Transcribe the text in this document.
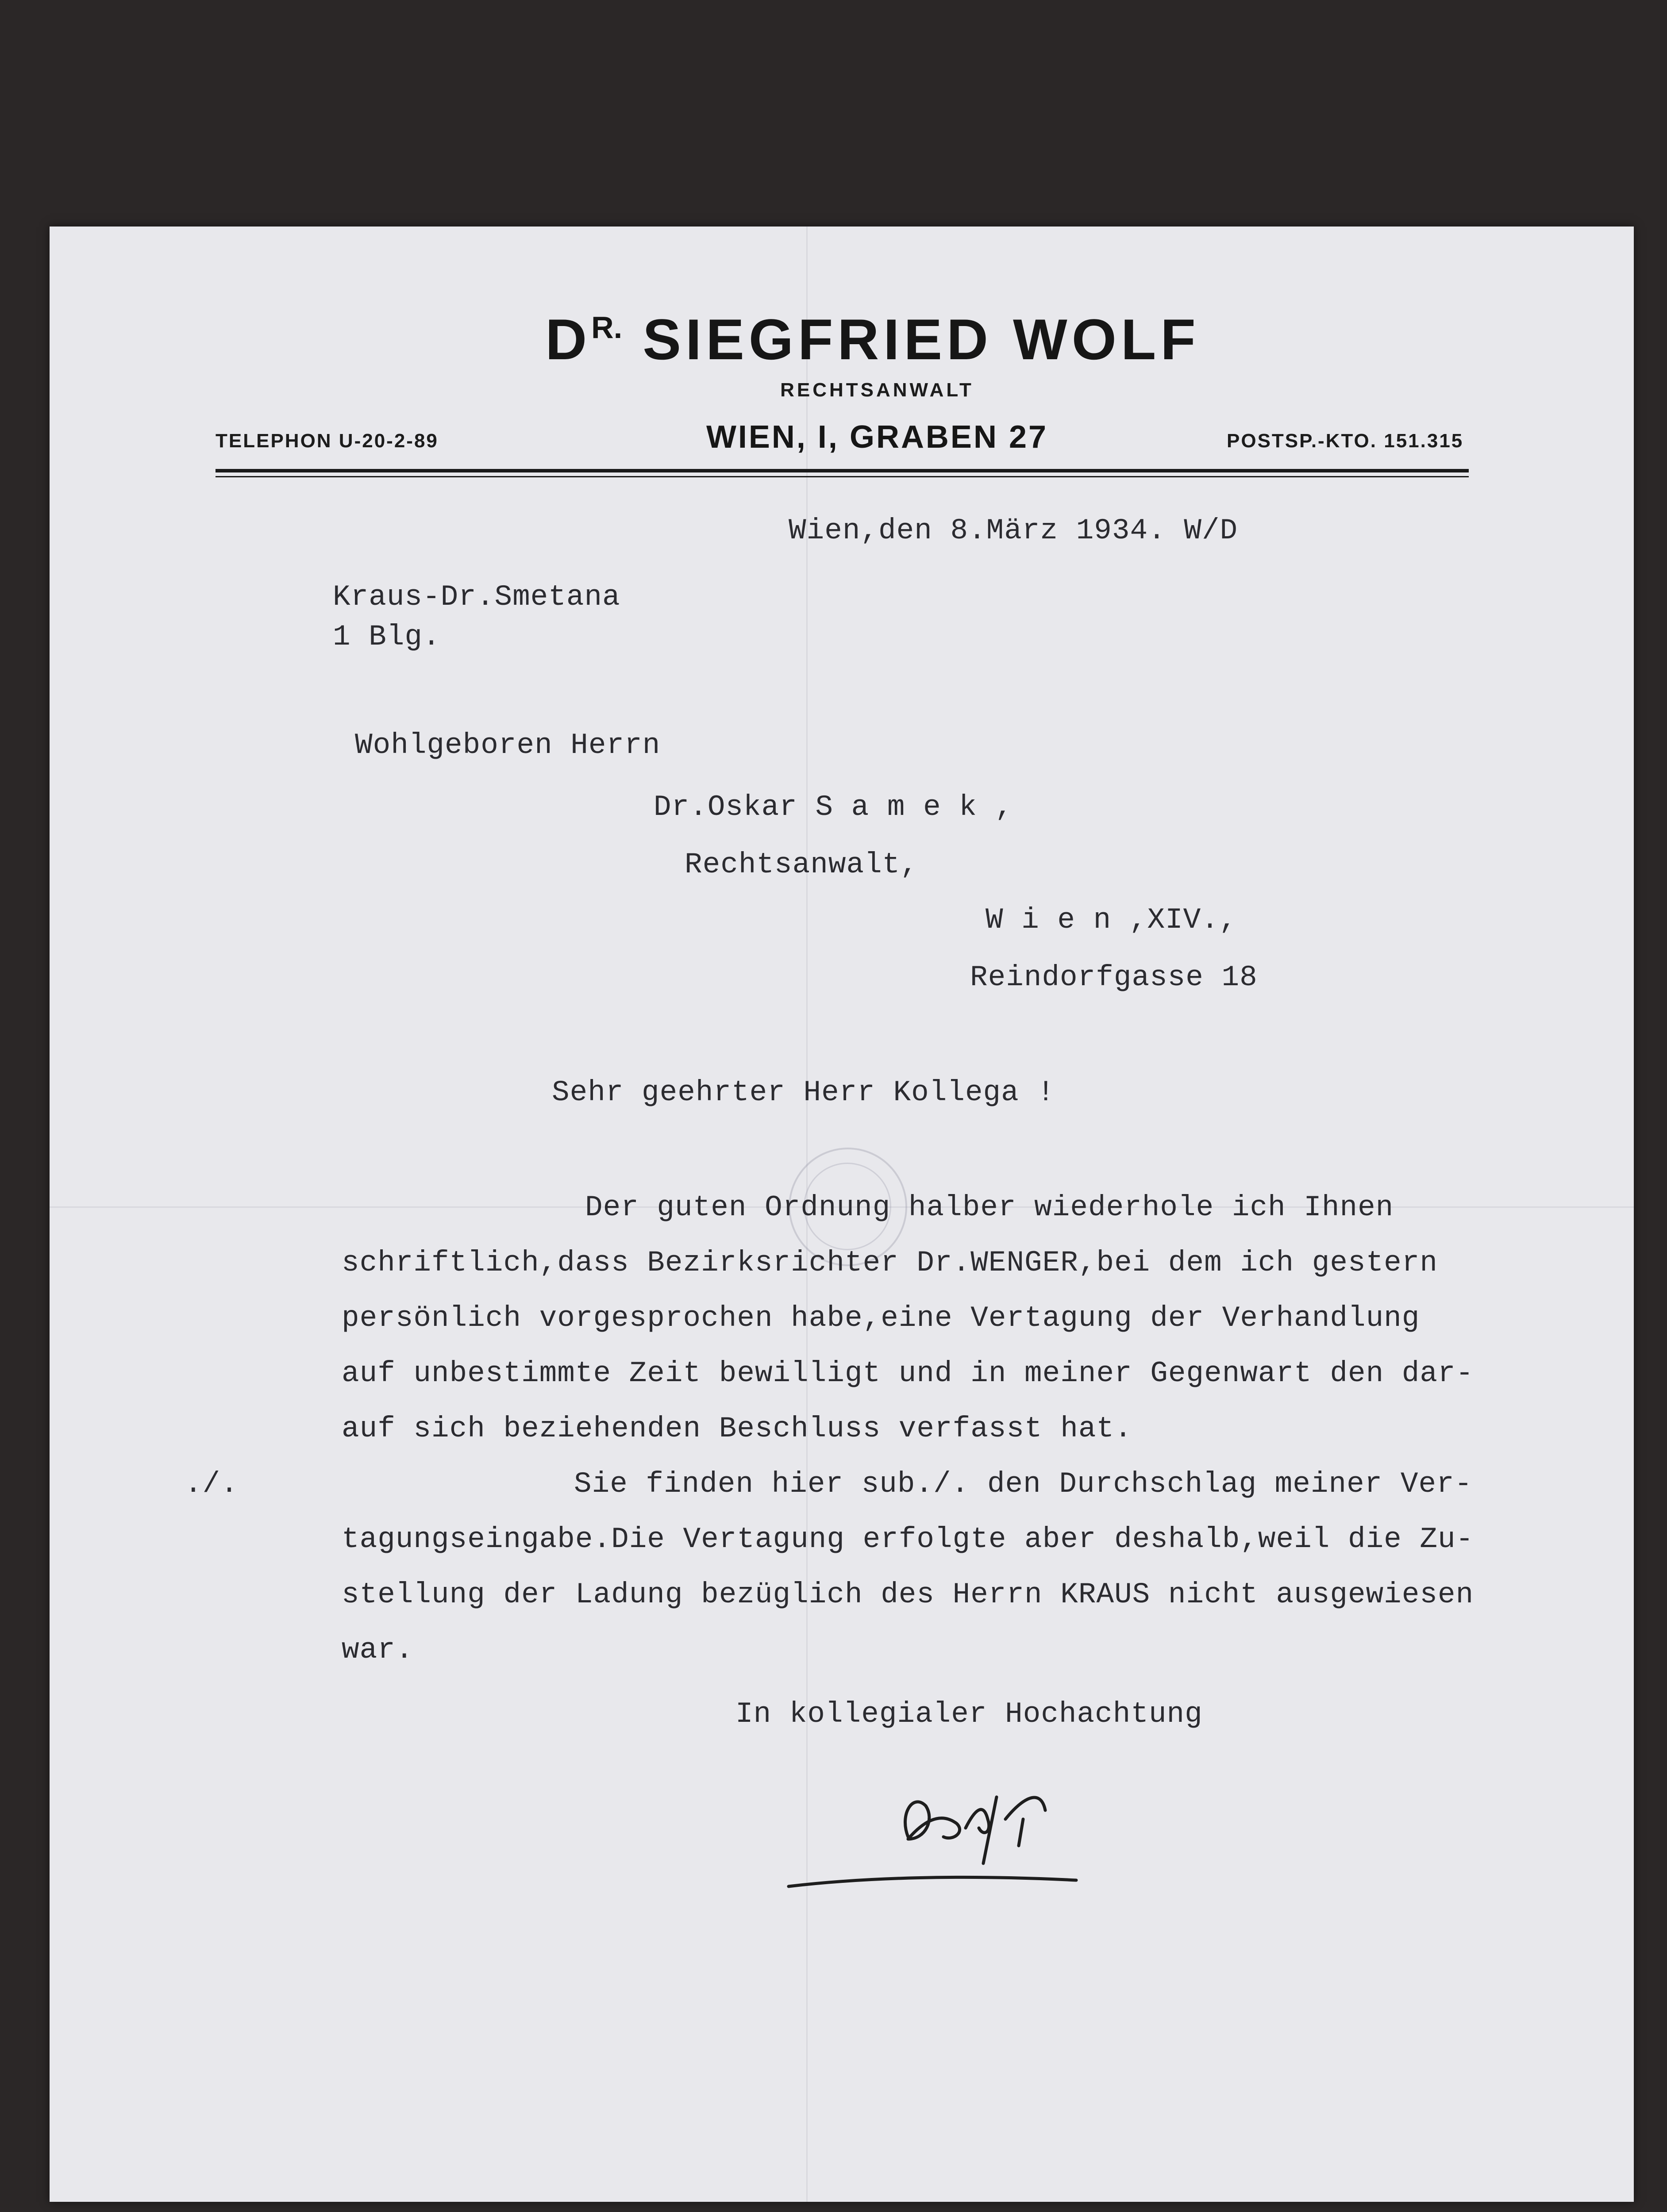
$D^{R.}$ SIEGFRIED WOLF
RECHTSANWALT
TELEPHON U-20-2-89	WIEN, I, GRABEN 27	POSTSP.-KTO. 151.315
Wien,den 8.März 1934. W/D
Kraus-Dr.Smetana
1 Blg.
Wohlgeboren Herrn
Dr.Oskar S a m e k ,
Rechtsanwalt,
W i e n ,XIV.,
Reindorfgasse 18
Sehr geehrter Herr Kollega !
Der guten Ordnung halber wiederhole ich Ihnen
schriftlich,dass Bezirksrichter Dr.WENGER,bei dem ich gestern
persönlich vorgesprochen habe,eine Vertagung der Verhandlung
auf unbestimmte Zeit bewilligt und in meiner Gegenwart den dar-
auf sich beziehenden Beschluss verfasst hat.
./.	Sie finden hier sub./. den Durchschlag meiner Ver-
tagungseingabe.Die Vertagung erfolgte aber deshalb,weil die Zu-
stellung der Ladung bezüglich des Herrn KRAUS nicht ausgewiesen
war.
In kollegialer Hochachtung
